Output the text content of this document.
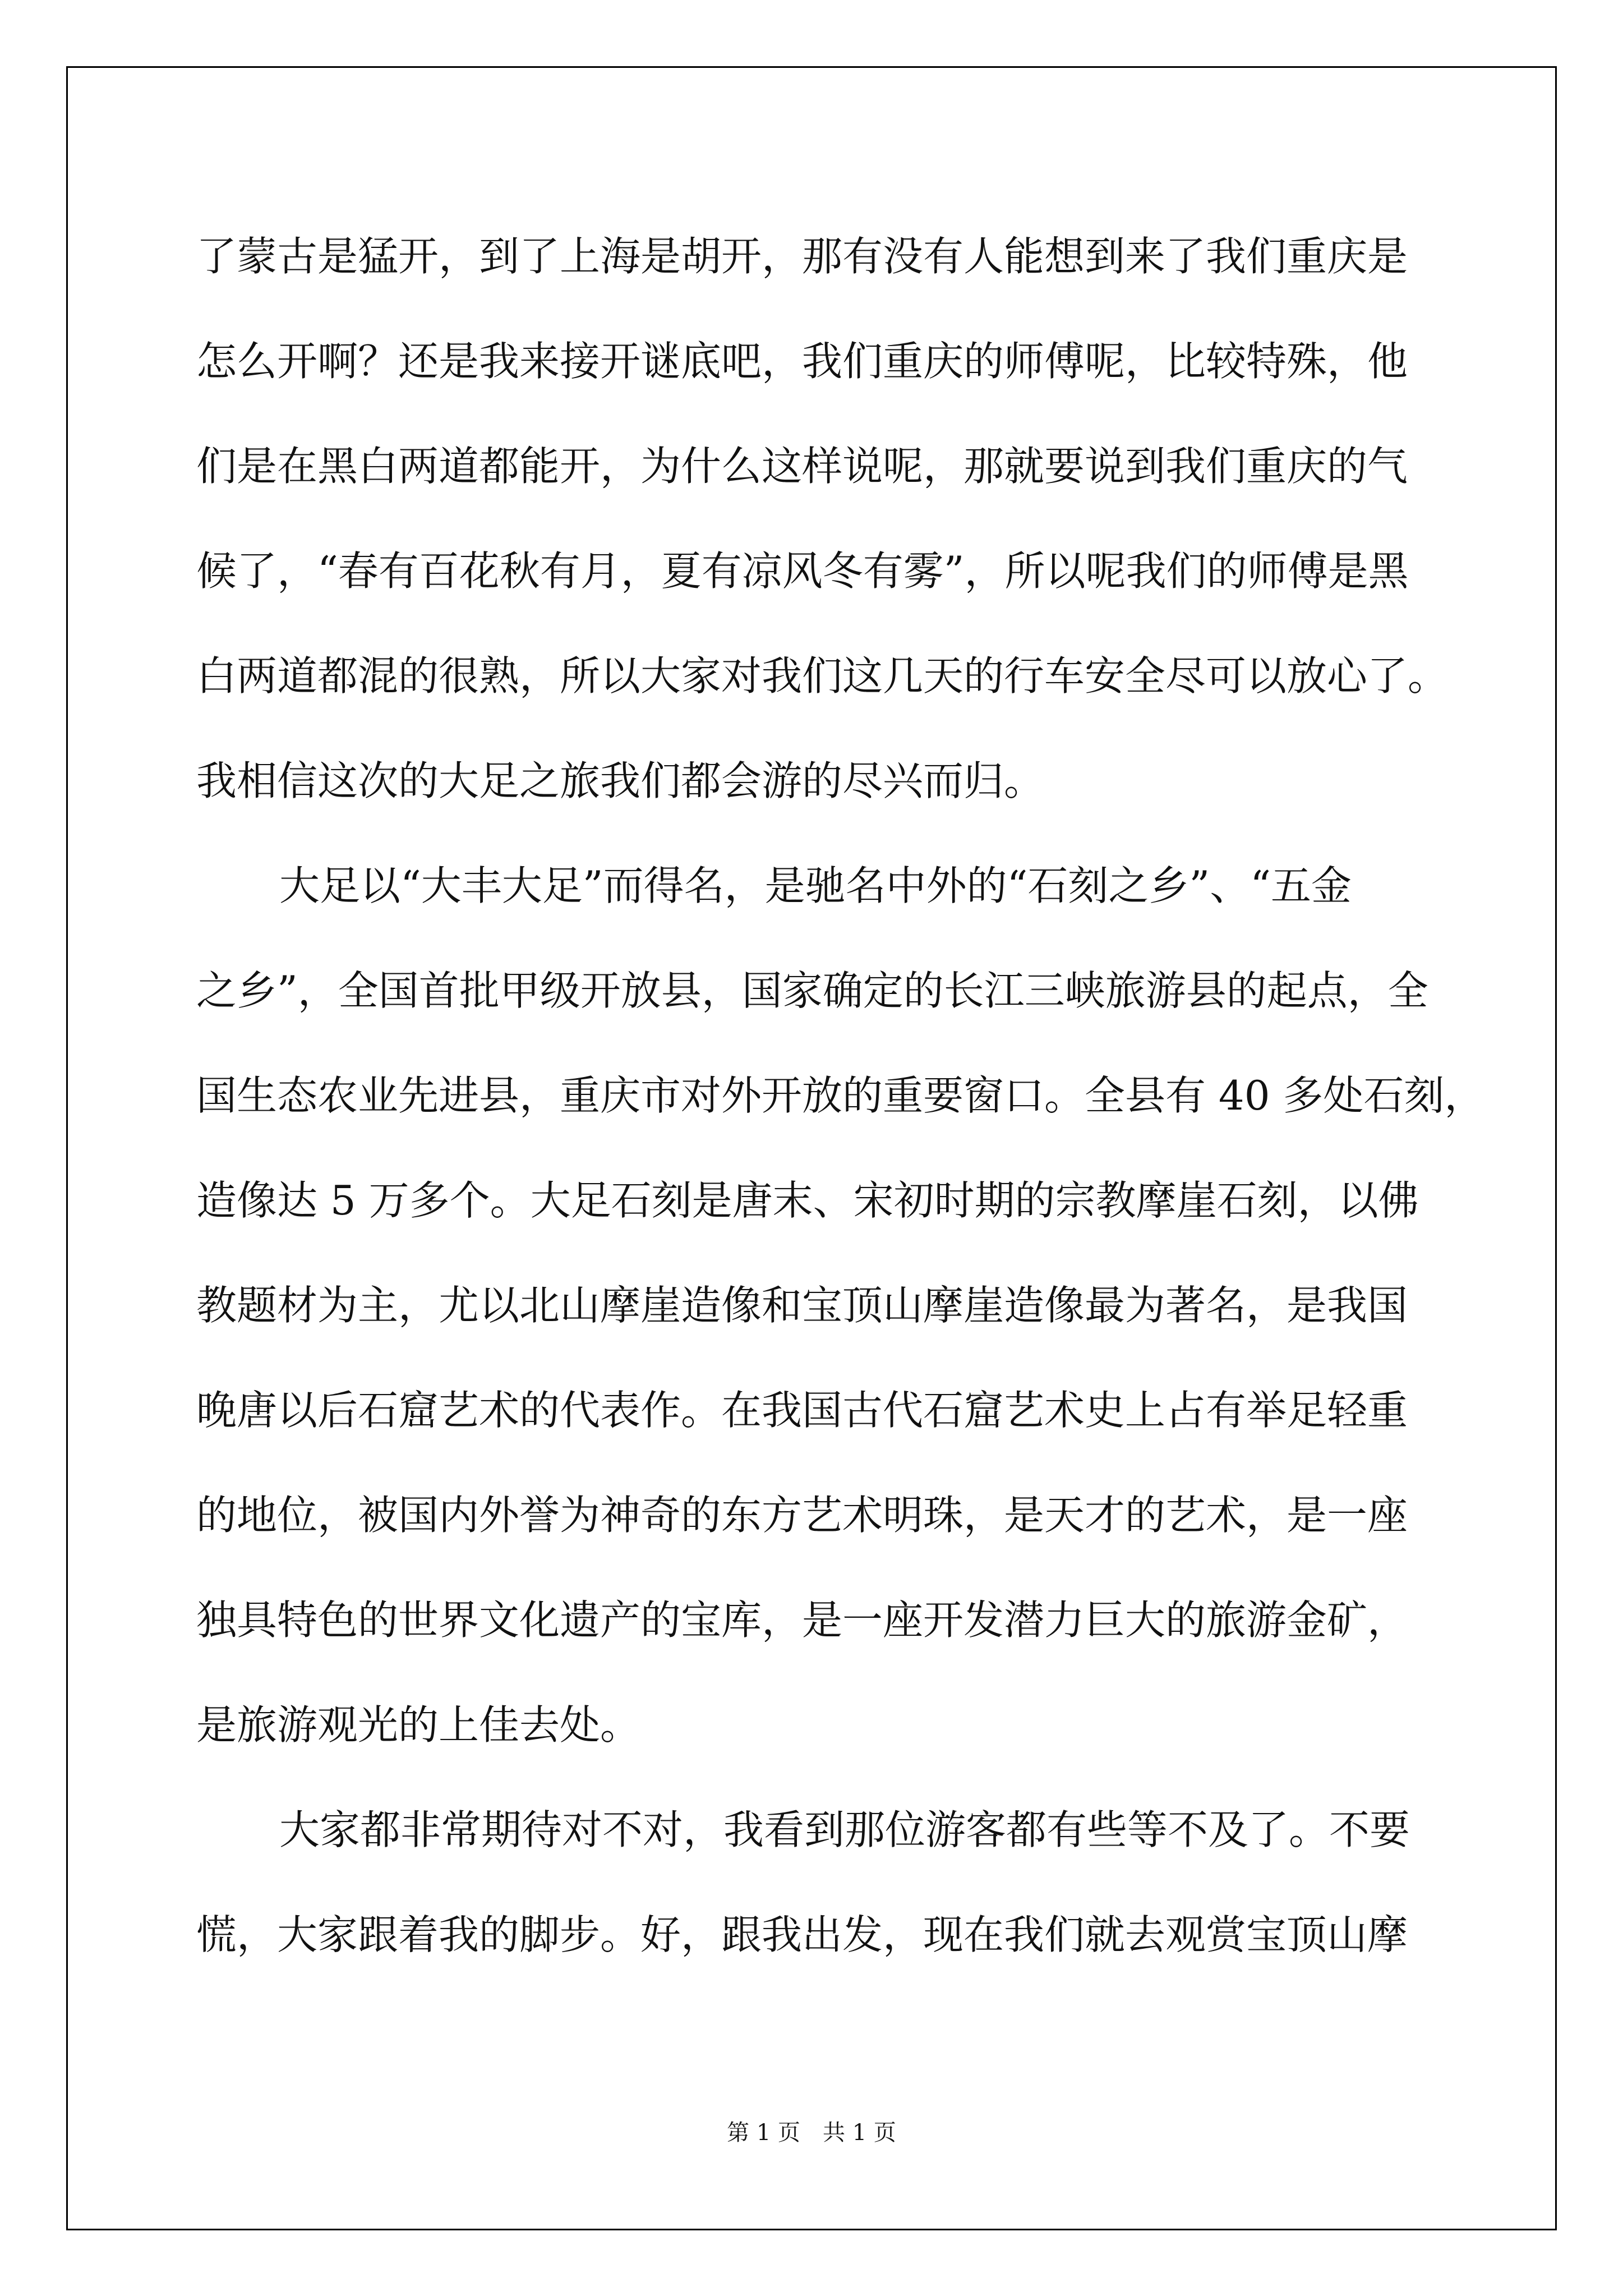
了蒙古是猛开，到了上海是胡开，那有没有人能想到来了我们重庆是
怎么开啊？还是我来接开谜底吧，我们重庆的师傅呢，比较特殊，他
们是在黑白两道都能开，为什么这样说呢，那就要说到我们重庆的气
候了，“春有百花秋有月，夏有凉风冬有雾”，所以呢我们的师傅是黑
白两道都混的很熟，所以大家对我们这几天的行车安全尽可以放心了。
我相信这次的大足之旅我们都会游的尽兴而归。
大足以“大丰大足”而得名，是驰名中外的“石刻之乡”、“五金
之乡”，全国首批甲级开放县，国家确定的长江三峡旅游县的起点，全
国生态农业先进县，重庆市对外开放的重要窗口。全县有 40 多处石刻，
造像达 5 万多个。大足石刻是唐末、宋初时期的宗教摩崖石刻，以佛
教题材为主，尤以北山摩崖造像和宝顶山摩崖造像最为著名，是我国
晚唐以后石窟艺术的代表作。在我国古代石窟艺术史上占有举足轻重
的地位，被国内外誉为神奇的东方艺术明珠，是天才的艺术，是一座
独具特色的世界文化遗产的宝库，是一座开发潜力巨大的旅游金矿，
是旅游观光的上佳去处。
大家都非常期待对不对，我看到那位游客都有些等不及了。不要
慌，大家跟着我的脚步。好，跟我出发，现在我们就去观赏宝顶山摩
第 1 页　共 1 页
